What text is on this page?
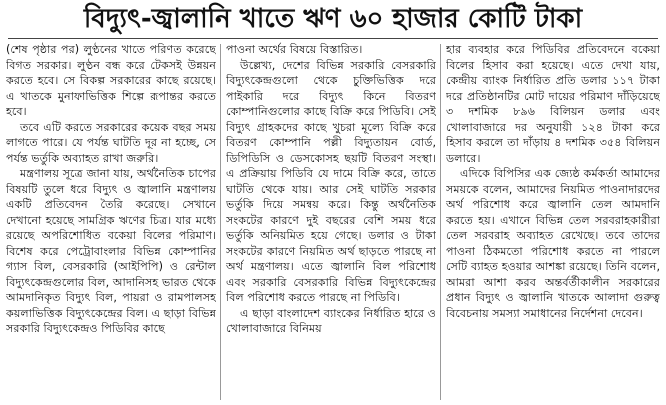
বিদ্যুৎ-জ্বালানি খাতে ঋণ ৬০ হাজার কোটি টাকা

(শেষ পৃষ্ঠার পর) লুণ্ঠনের খাতে পরিণত করেছে বিগত সরকার। লুণ্ঠন বন্ধ করে টেকসই উন্নয়ন করতে হবে। সে বিকল্প সরকারের কাছে রয়েছে। এ খাতকে মুনাফাভিত্তিক শিল্পে রূপান্তর করতে হবে।

তবে এটি করতে সরকারের কয়েক বছর সময় লাগতে পারে। যে পর্যন্ত ঘাটতি দূর না হচ্ছে, সে পর্যন্ত ভর্তুকি অব্যাহত রাখা জরুরি।

মন্ত্রণালয় সূত্রে জানা যায়, অর্থনৈতিক চাপের বিষয়টি তুলে ধরে বিদ্যুৎ ও জ্বালানি মন্ত্রণালয় একটি প্রতিবেদন তৈরি করেছে। সেখানে দেখানো হয়েছে সামগ্রিক ঋণের চিত্র। যার মধ্যে রয়েছে অপরিশোধিত বকেয়া বিলের পরিমাণ। বিশেষ করে পেট্রোবাংলার বিভিন্ন কোম্পানির গ্যাস বিল, বেসরকারি (আইপিপি) ও রেন্টাল বিদ্যুৎকেন্দ্রগুলোর বিল, আদানিসহ ভারত থেকে আমদানিকৃত বিদ্যুৎ বিল, পায়রা ও রামপালসহ কয়লাভিত্তিক বিদ্যুৎকেন্দ্রের বিল। এ ছাড়া বিভিন্ন সরকারি বিদ্যুৎকেন্দ্রও পিডিবির কাছে

পাওনা অর্থের বিষয়ে বিস্তারিত।

উল্লেখ্য, দেশের বিভিন্ন সরকারি বেসরকারি বিদ্যুৎকেন্দ্রগুলো থেকে চুক্তিভিত্তিক দরে পাইকারি দরে বিদ্যুৎ কিনে বিতরণ কোম্পানিগুলোর কাছে বিক্রি করে পিডিবি। সেই বিদ্যুৎ গ্রাহকদের কাছে খুচরা মূল্যে বিক্রি করে বিতরণ কোম্পানি পল্লী বিদ্যুতায়ন বোর্ড, ডিপিডিসি ও ডেসকোসহ ছয়টি বিতরণ সংস্থা। এ প্রক্রিয়ায় পিডিবি যে দামে বিক্রি করে, তাতে ঘাটতি থেকে যায়। আর সেই ঘাটতি সরকার ভর্তুকি দিয়ে সমন্বয় করে। কিন্তু অর্থনৈতিক সংকটের কারণে দুই বছরের বেশি সময় ধরে ভর্তুকি অনিয়মিত হয়ে গেছে। ডলার ও টাকা সংকটের কারণে নিয়মিত অর্থ ছাড়তে পারছে না অর্থ মন্ত্রণালয়। এতে জ্বালানি বিল পরিশোধ এবং সরকারি বেসরকারি বিভিন্ন বিদ্যুৎকেন্দ্রের বিল পরিশোধ করতে পারছে না পিডিবি।

এ ছাড়া বাংলাদেশ ব্যাংকের নির্ধারিত হারে ও খোলাবাজারে বিনিময়

হার ব্যবহার করে পিডিবির প্রতিবেদনে বকেয়া বিলের হিসাব করা হয়েছে। এতে দেখা যায়, কেন্দ্রীয় ব্যাংক নির্ধারিত প্রতি ডলার ১১৭ টাকা দরে প্রতিষ্ঠানটির মোট দায়ের পরিমাণ দাঁড়িয়েছে ৩ দশমিক ৮৯৬ বিলিয়ন ডলার এবং খোলাবাজারে দর অনুযায়ী ১২৪ টাকা করে হিসাব করলে তা দাঁড়ায় ৪ দশমিক ৩৫৪ বিলিয়ন ডলারে।

এদিকে বিপিসির এক জ্যেষ্ঠ কর্মকর্তা আমাদের সময়কে বলেন, আমাদের নিয়মিত পাওনাদারদের অর্থ পরিশোধ করে জ্বালানি তেল আমদানি করতে হয়। এখানে বিভিন্ন তেল সরবরাহকারীরা তেল সরবরাহ অব্যাহত রেখেছে। তবে তাদের পাওনা ঠিকমতো পরিশোধ করতে না পারলে সেটি ব্যাহত হওয়ার আশঙ্কা রয়েছে। তিনি বলেন, আমরা আশা করব অন্তর্বর্তীকালীন সরকারের প্রধান বিদ্যুৎ ও জ্বালানি খাতকে আলাদা গুরুত্ব বিবেচনায় সমস্যা সমাধানের নির্দেশনা দেবেন।
